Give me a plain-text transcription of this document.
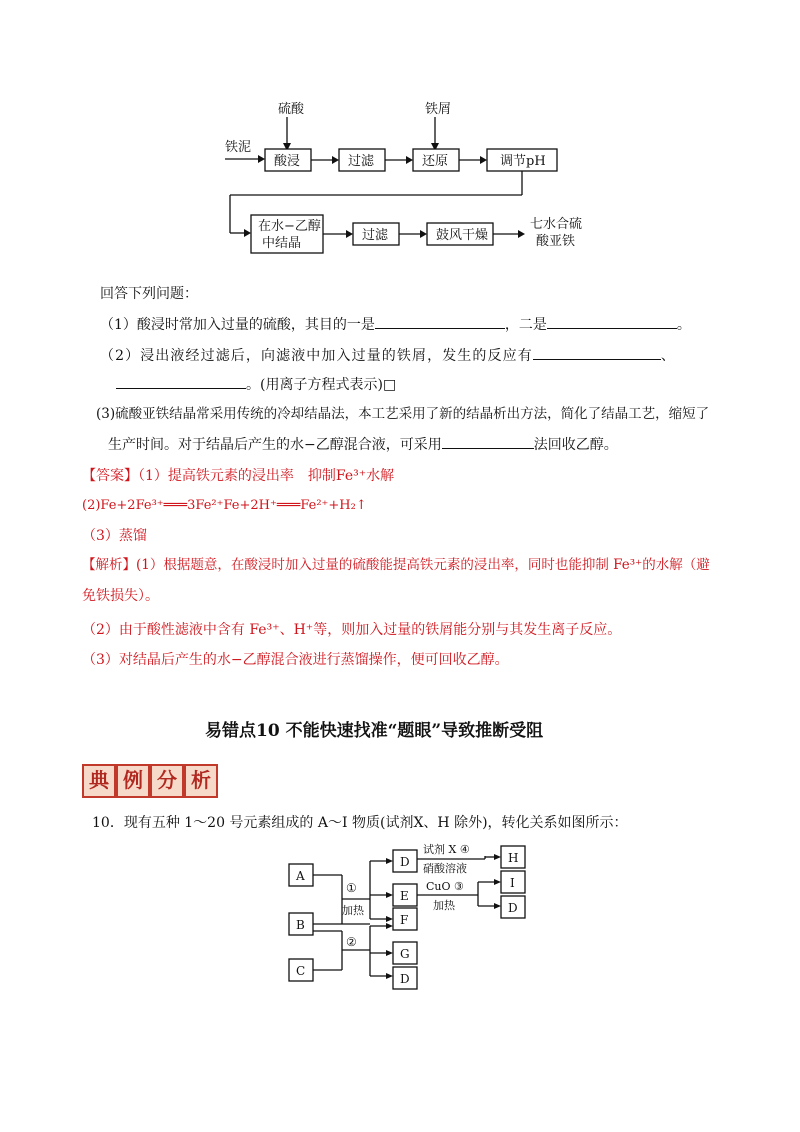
硫酸	铁屑
铁泥
酸浸	过滤	还原	调节pH
在水−乙醇
中结晶
过滤	鼓风干燥
七水合硫
酸亚铁
回答下列问题：
（1）酸浸时常加入过量的硫酸，其目的一是	，二是	。
（2）浸出液经过滤后，向滤液中加入过量的铁屑，发生的反应有	、
。(用离子方程式表示)□
(3)硫酸亚铁结晶常采用传统的冷却结晶法，本工艺采用了新的结晶析出方法，简化了结晶工艺，缩短了
生产时间。对于结晶后产生的水−乙醇混合液，可采用	法回收乙醇。
【答案】（1）提高铁元素的浸出率　抑制Fe³⁺水解
(2)Fe+2Fe³⁺═══3Fe²⁺Fe+2H⁺═══Fe²⁺+H₂↑
（3）蒸馏
【解析】(1）根据题意，在酸浸时加入过量的硫酸能提高铁元素的浸出率，同时也能抑制 Fe³⁺的水解（避
免铁损失）。
（2）由于酸性滤液中含有 Fe³⁺、H⁺等，则加入过量的铁屑能分别与其发生离子反应。
（3）对结晶后产生的水−乙醇混合液进行蒸馏操作，便可回收乙醇。
易错点10 不能快速找准“题眼”导致推断受阻
典 例 分 析
10．现有五种 1～20 号元素组成的 A～I 物质(试剂X、H 除外)，转化关系如图所示：
A
B
C
①
加热
②
D
E
F
G
D
试剂 X ④
硝酸溶液
CuO ③
加热
H
I
D
